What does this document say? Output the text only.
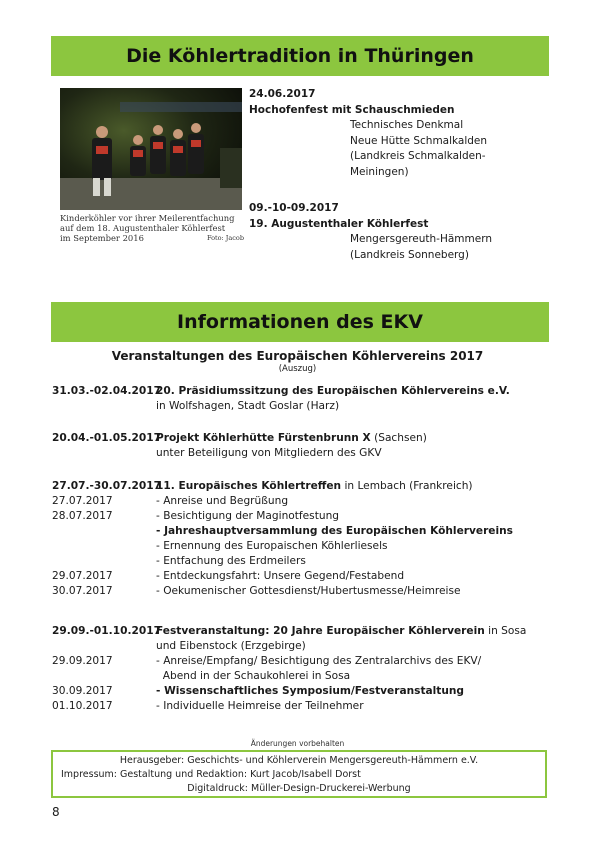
Die Köhlertradition in Thüringen
Kinderköhler vor ihrer Meilerentfachung
auf dem 18. Augustenthaler Köhlerfest
im September 2016	Foto: Jacob
24.06.2017
Hochofenfest mit Schauschmieden
Technisches Denkmal
Neue Hütte Schmalkalden
(Landkreis Schmalkalden-
Meiningen)
09.-10-09.2017
19. Augustenthaler Köhlerfest
Mengersgereuth-Hämmern
(Landkreis Sonneberg)
Informationen des EKV
Veranstaltungen des Europäischen Köhlervereins 2017
(Auszug)
31.03.-02.04.2017
20. Präsidiumssitzung des Europäischen Köhlervereins e.V.
in Wolfshagen, Stadt Goslar (Harz)
20.04.-01.05.2017
Projekt Köhlerhütte Fürstenbrunn X (Sachsen)
unter Beteiligung von Mitgliedern des GKV
27.07.-30.07.2017
11. Europäisches Köhlertreffen in Lembach (Frankreich)
27.07.2017	- Anreise und Begrüßung
28.07.2017	- Besichtigung der Maginotfestung
- Jahreshauptversammlung des Europäischen Köhlervereins
- Ernennung des Europaischen Köhlerliesels
- Entfachung des Erdmeilers
29.07.2017	- Entdeckungsfahrt: Unsere Gegend/Festabend
30.07.2017	- Oekumenischer Gottesdienst/Hubertusmesse/Heimreise
29.09.-01.10.2017
Festveranstaltung: 20 Jahre Europäischer Köhlerverein in Sosa
und Eibenstock (Erzgebirge)
29.09.2017	- Anreise/Empfang/ Besichtigung des Zentralarchivs des EKV/
Abend in der Schaukohlerei in Sosa
30.09.2017	- Wissenschaftliches Symposium/Festveranstaltung
01.10.2017	- Individuelle Heimreise der Teilnehmer
Änderungen vorbehalten
Herausgeber: Geschichts- und Köhlerverein Mengersgereuth-Hämmern e.V.
Impressum: Gestaltung und Redaktion: Kurt Jacob/Isabell Dorst
Digitaldruck: Müller-Design-Druckerei-Werbung
8
